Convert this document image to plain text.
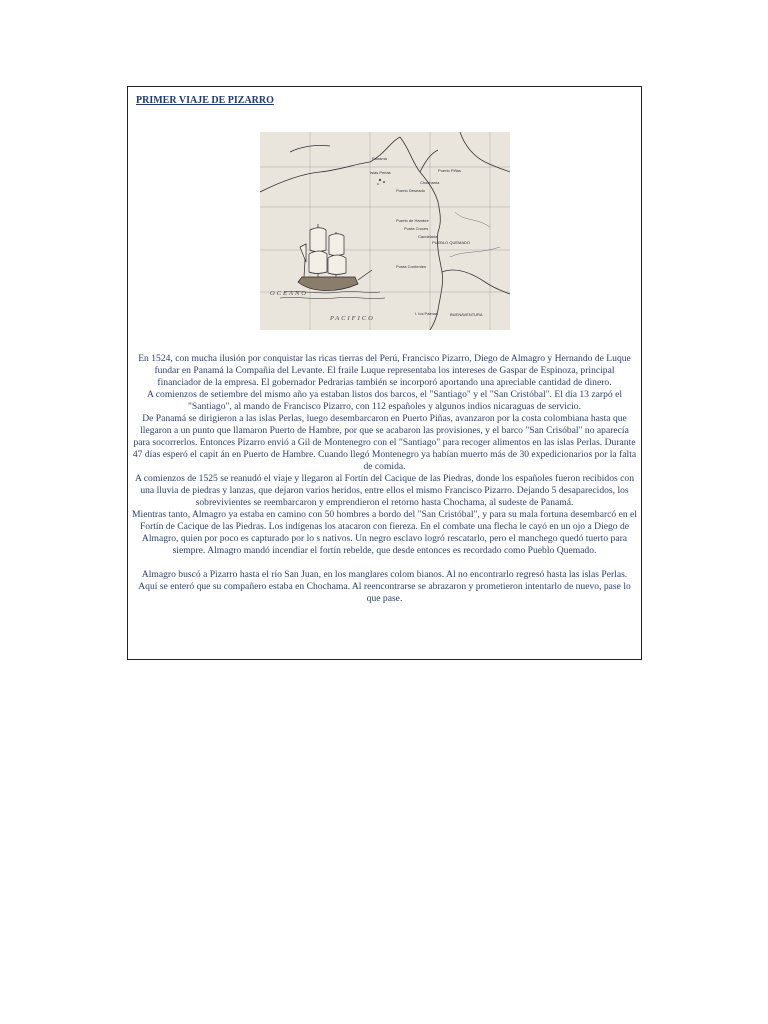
PRIMER VIAJE DE PIZARRO
Panamá
Islas Perlas
Chochama
Puerto Deseado
Puerto Piñas
Puerto de Hambre
Punta Cruces
Candelaria
PUEBLO QUEMADO
Punta Corrientes
I. los Palmas	BUENAVENTURA
OCEANO
PACIFICO

En 1524, con mucha ilusión por conquistar las ricas tierras del Perú, Francisco Pizarro, Diego de Almagro y Hernando de Luque fundar en Panamá la Compañía del Levante. El fraile Luque representaba los intereses de Gaspar de Espinoza, principal financiador de la empresa. El gobernador Pedrarias también se incorporó aportando una apreciable cantidad de dinero.

A comienzos de setiembre del mismo año ya estaban listos dos barcos, el "Santiago" y el "San Cristóbal". El día 13 zarpó el "Santiago", al mando de Francisco Pizarro, con 112 españoles y algunos indios nicaraguas de servicio.

De Panamá se dirigieron a las islas Perlas, luego desembarcaron en Puerto Piñas, avanzaron por la costa colombiana hasta que llegaron a un punto que llamaron Puerto de Hambre, por que se acabaron las provisiones, y el barco "San Crisóbal" no aparecía para socorrerlos. Entonces Pizarro envió a Gil de Montenegro con el "Santiago" para recoger alimentos en las islas Perlas. Durante 47 días esperó el capit án en Puerto de Hambre. Cuando llegó Montenegro ya habían muerto más de 30 expedicionarios por la falta de comida.

A comienzos de 1525 se reanudó el viaje y llegaron al Fortín del Cacique de las Piedras, donde los españoles fueron recibidos con una lluvia de piedras y lanzas, que dejaron varios heridos, entre ellos el mismo Francisco Pizarro. Dejando 5 desaparecidos, los sobrevivientes se reembarcaron y emprendieron el retorno hasta Chochama, al sudeste de Panamá.

Mientras tanto, Almagro ya estaba en camino con 50 hombres a bordo del "San Cristóbal", y para su mala fortuna desembarcó en el Fortín de Cacique de las Piedras. Los indígenas los atacaron con fiereza. En el combate una flecha le cayó en un ojo a Diego de Almagro, quien por poco es capturado por lo s nativos. Un negro esclavo logró rescatarlo, pero el manchego quedó tuerto para siempre. Almagro mandó incendiar el fortín rebelde, que desde entonces es recordado como Pueblo Quemado.

Almagro buscó a Pizarro hasta el río San Juan, en los manglares colom bianos. Al no encontrarlo regresó hasta las islas Perlas. Aquí se enteró que su compañero estaba en Chochama. Al reencontrarse se abrazaron y prometieron intentarlo de nuevo, pase lo que pase.
